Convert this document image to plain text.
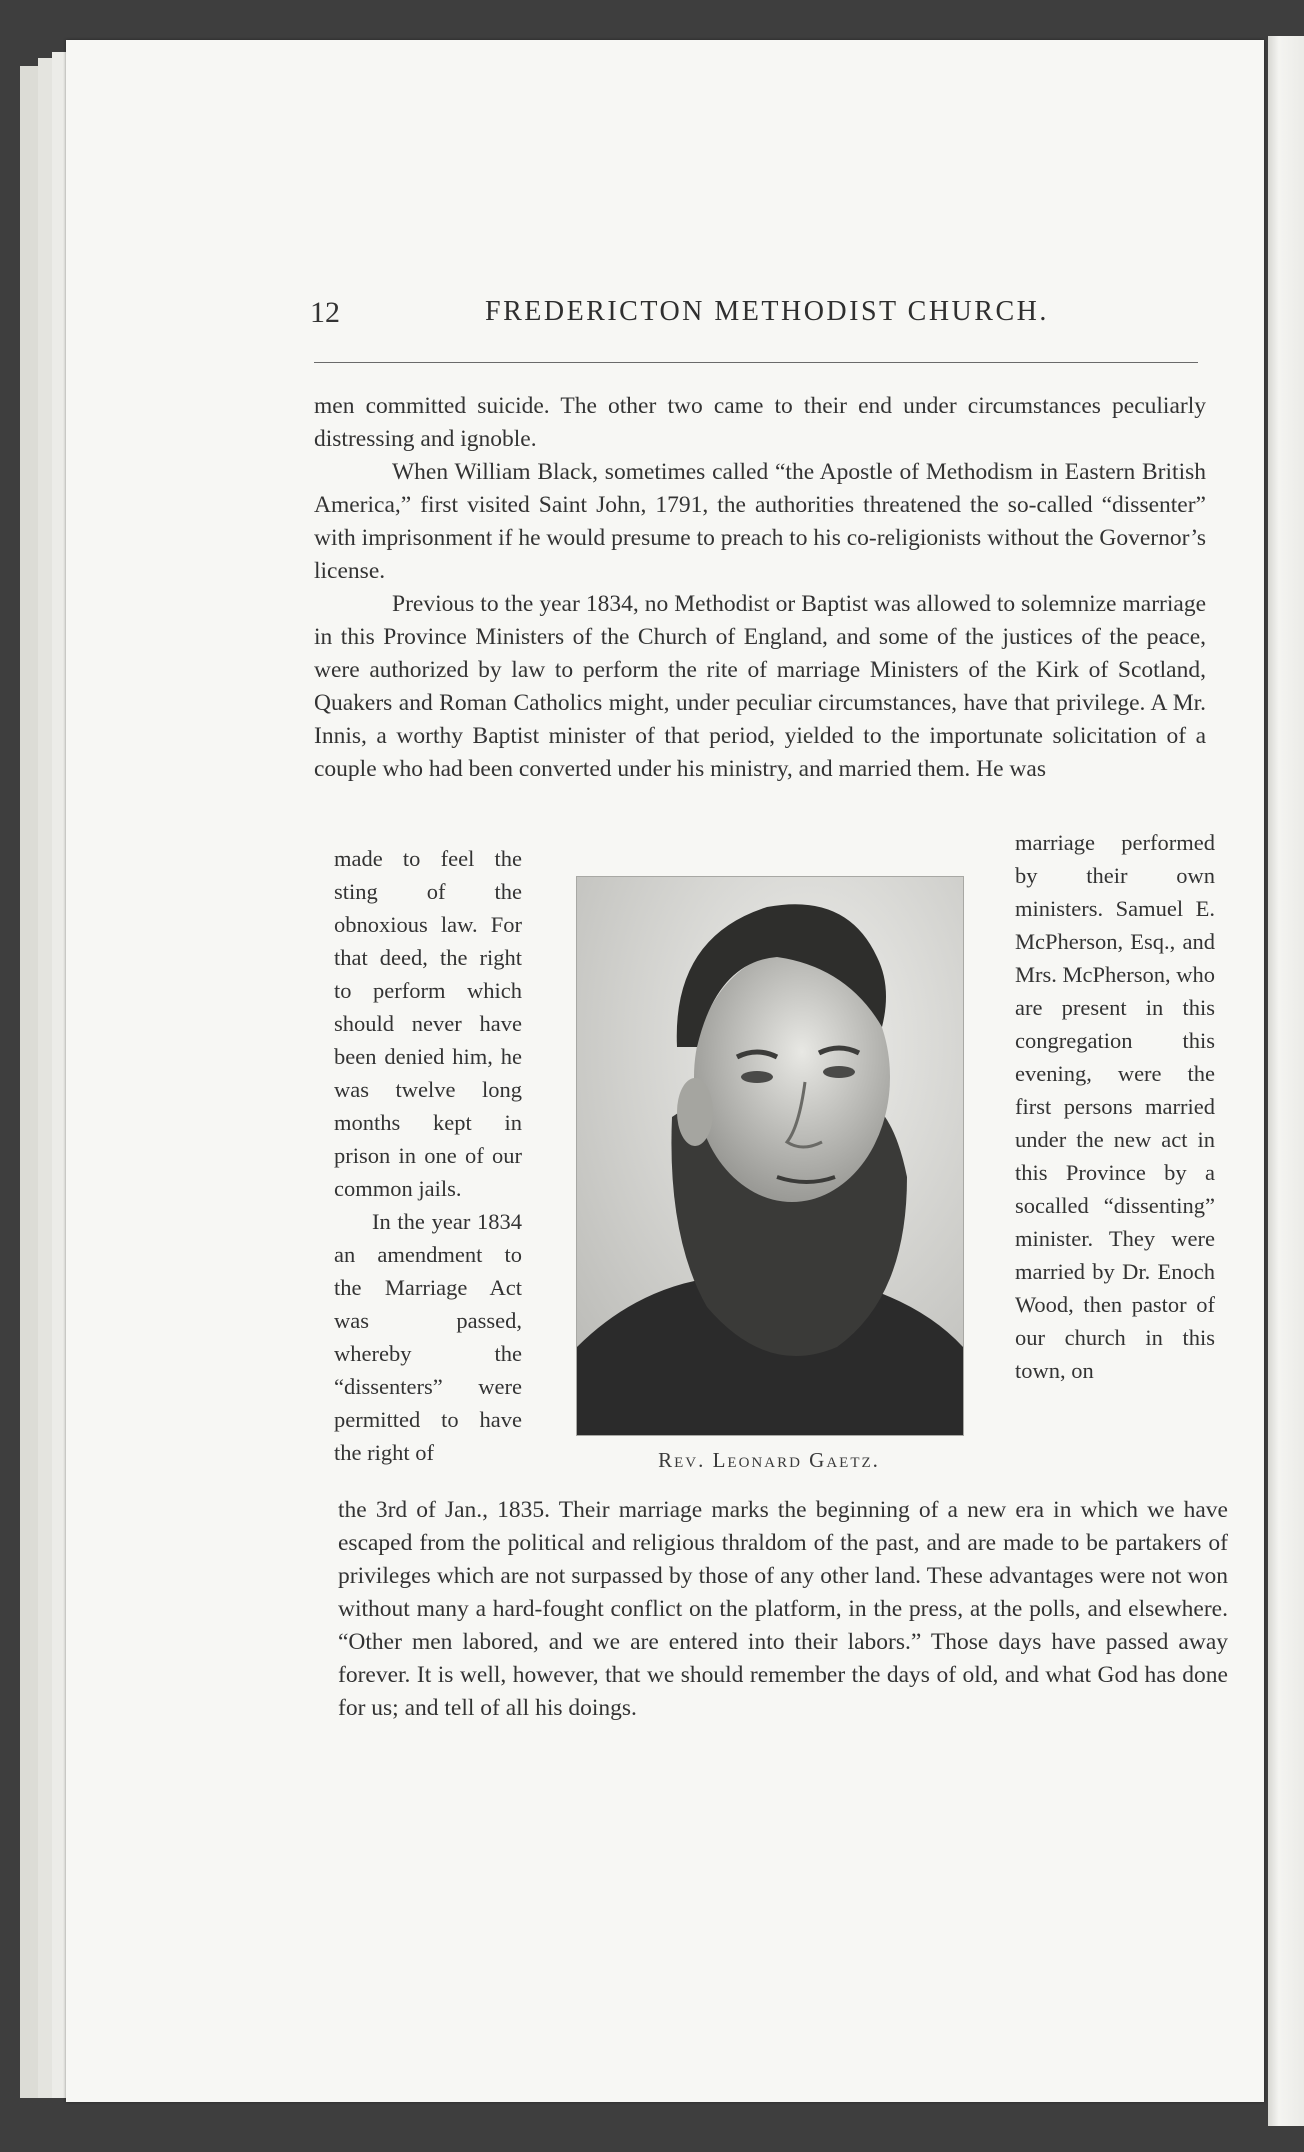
12	FREDERICTON METHODIST CHURCH.

men committed suicide. The other two came to their end under circumstances peculiarly distressing and ignoble.

When William Black, sometimes called “the Apostle of Methodism in Eastern British America,” first visited Saint John, 1791, the authorities threatened the so-called “dissenter” with imprisonment if he would presume to preach to his co-religionists without the Governor’s license.

Previous to the year 1834, no Methodist or Baptist was allowed to solemnize marriage in this Province Ministers of the Church of England, and some of the justices of the peace, were authorized by law to perform the rite of marriage Ministers of the Kirk of Scotland, Quakers and Roman Catholics might, under peculiar circumstances, have that privilege. A Mr. Innis, a worthy Baptist minister of that period, yielded to the importunate solicitation of a couple who had been converted under his ministry, and married them. He was

made to feel the sting of the obnoxious law. For that deed, the right to perform which should never have been denied him, he was twelve long months kept in prison in one of our common jails.

In the year 1834 an amendment to the Marriage Act was passed, whereby the “dissenters” were permitted to have the right of	Rev. Leonard Gaetz.

marriage performed by their own ministers. Samuel E. McPherson, Esq., and Mrs. McPherson, who are present in this congregation this evening, were the first persons married under the new act in this Province by a socalled “dissenting” minister. They were married by Dr. Enoch Wood, then pastor of our church in this town, on

the 3rd of Jan., 1835. Their marriage marks the beginning of a new era in which we have escaped from the political and religious thraldom of the past, and are made to be partakers of privileges which are not surpassed by those of any other land. These advantages were not won without many a hard-fought conflict on the platform, in the press, at the polls, and elsewhere. “Other men labored, and we are entered into their labors.” Those days have passed away forever. It is well, however, that we should remember the days of old, and what God has done for us; and tell of all his doings.
